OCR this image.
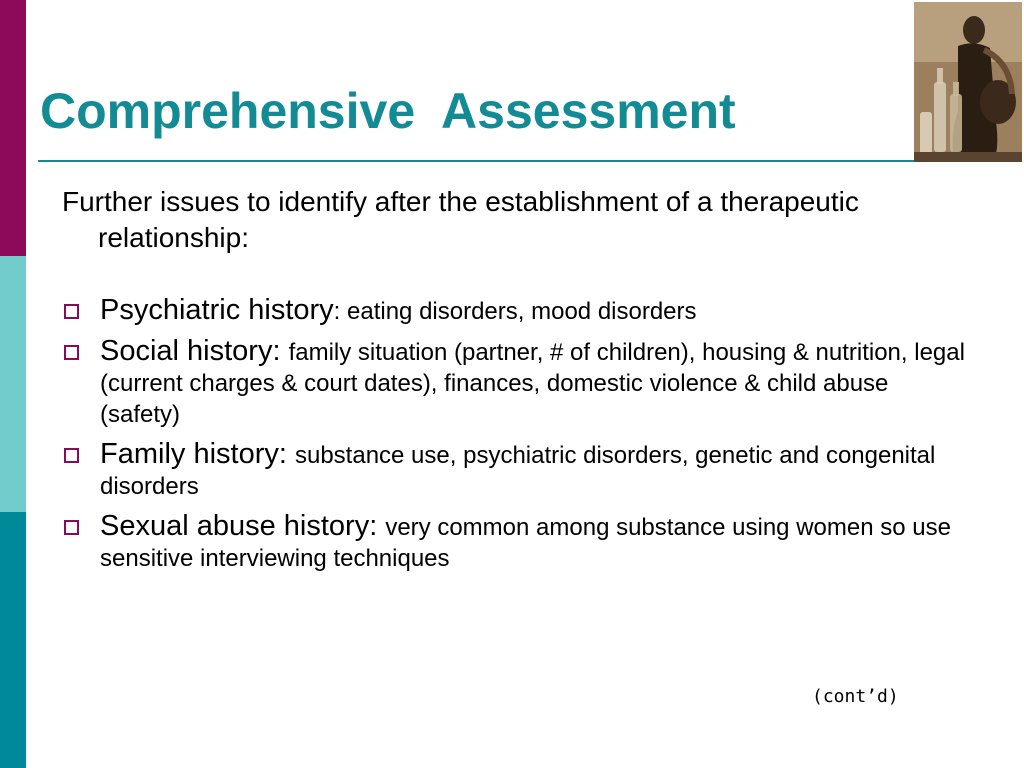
Comprehensive  Assessment

Further issues to identify after the establishment of a therapeutic relationship:

Psychiatric history: eating disorders, mood disorders
Social history: family situation (partner, # of children), housing & nutrition, legal (current charges & court dates), finances, domestic violence & child abuse (safety)
Family history: substance use, psychiatric disorders, genetic and congenital disorders
Sexual abuse history: very common among substance using women so use sensitive interviewing techniques
(cont’d)
